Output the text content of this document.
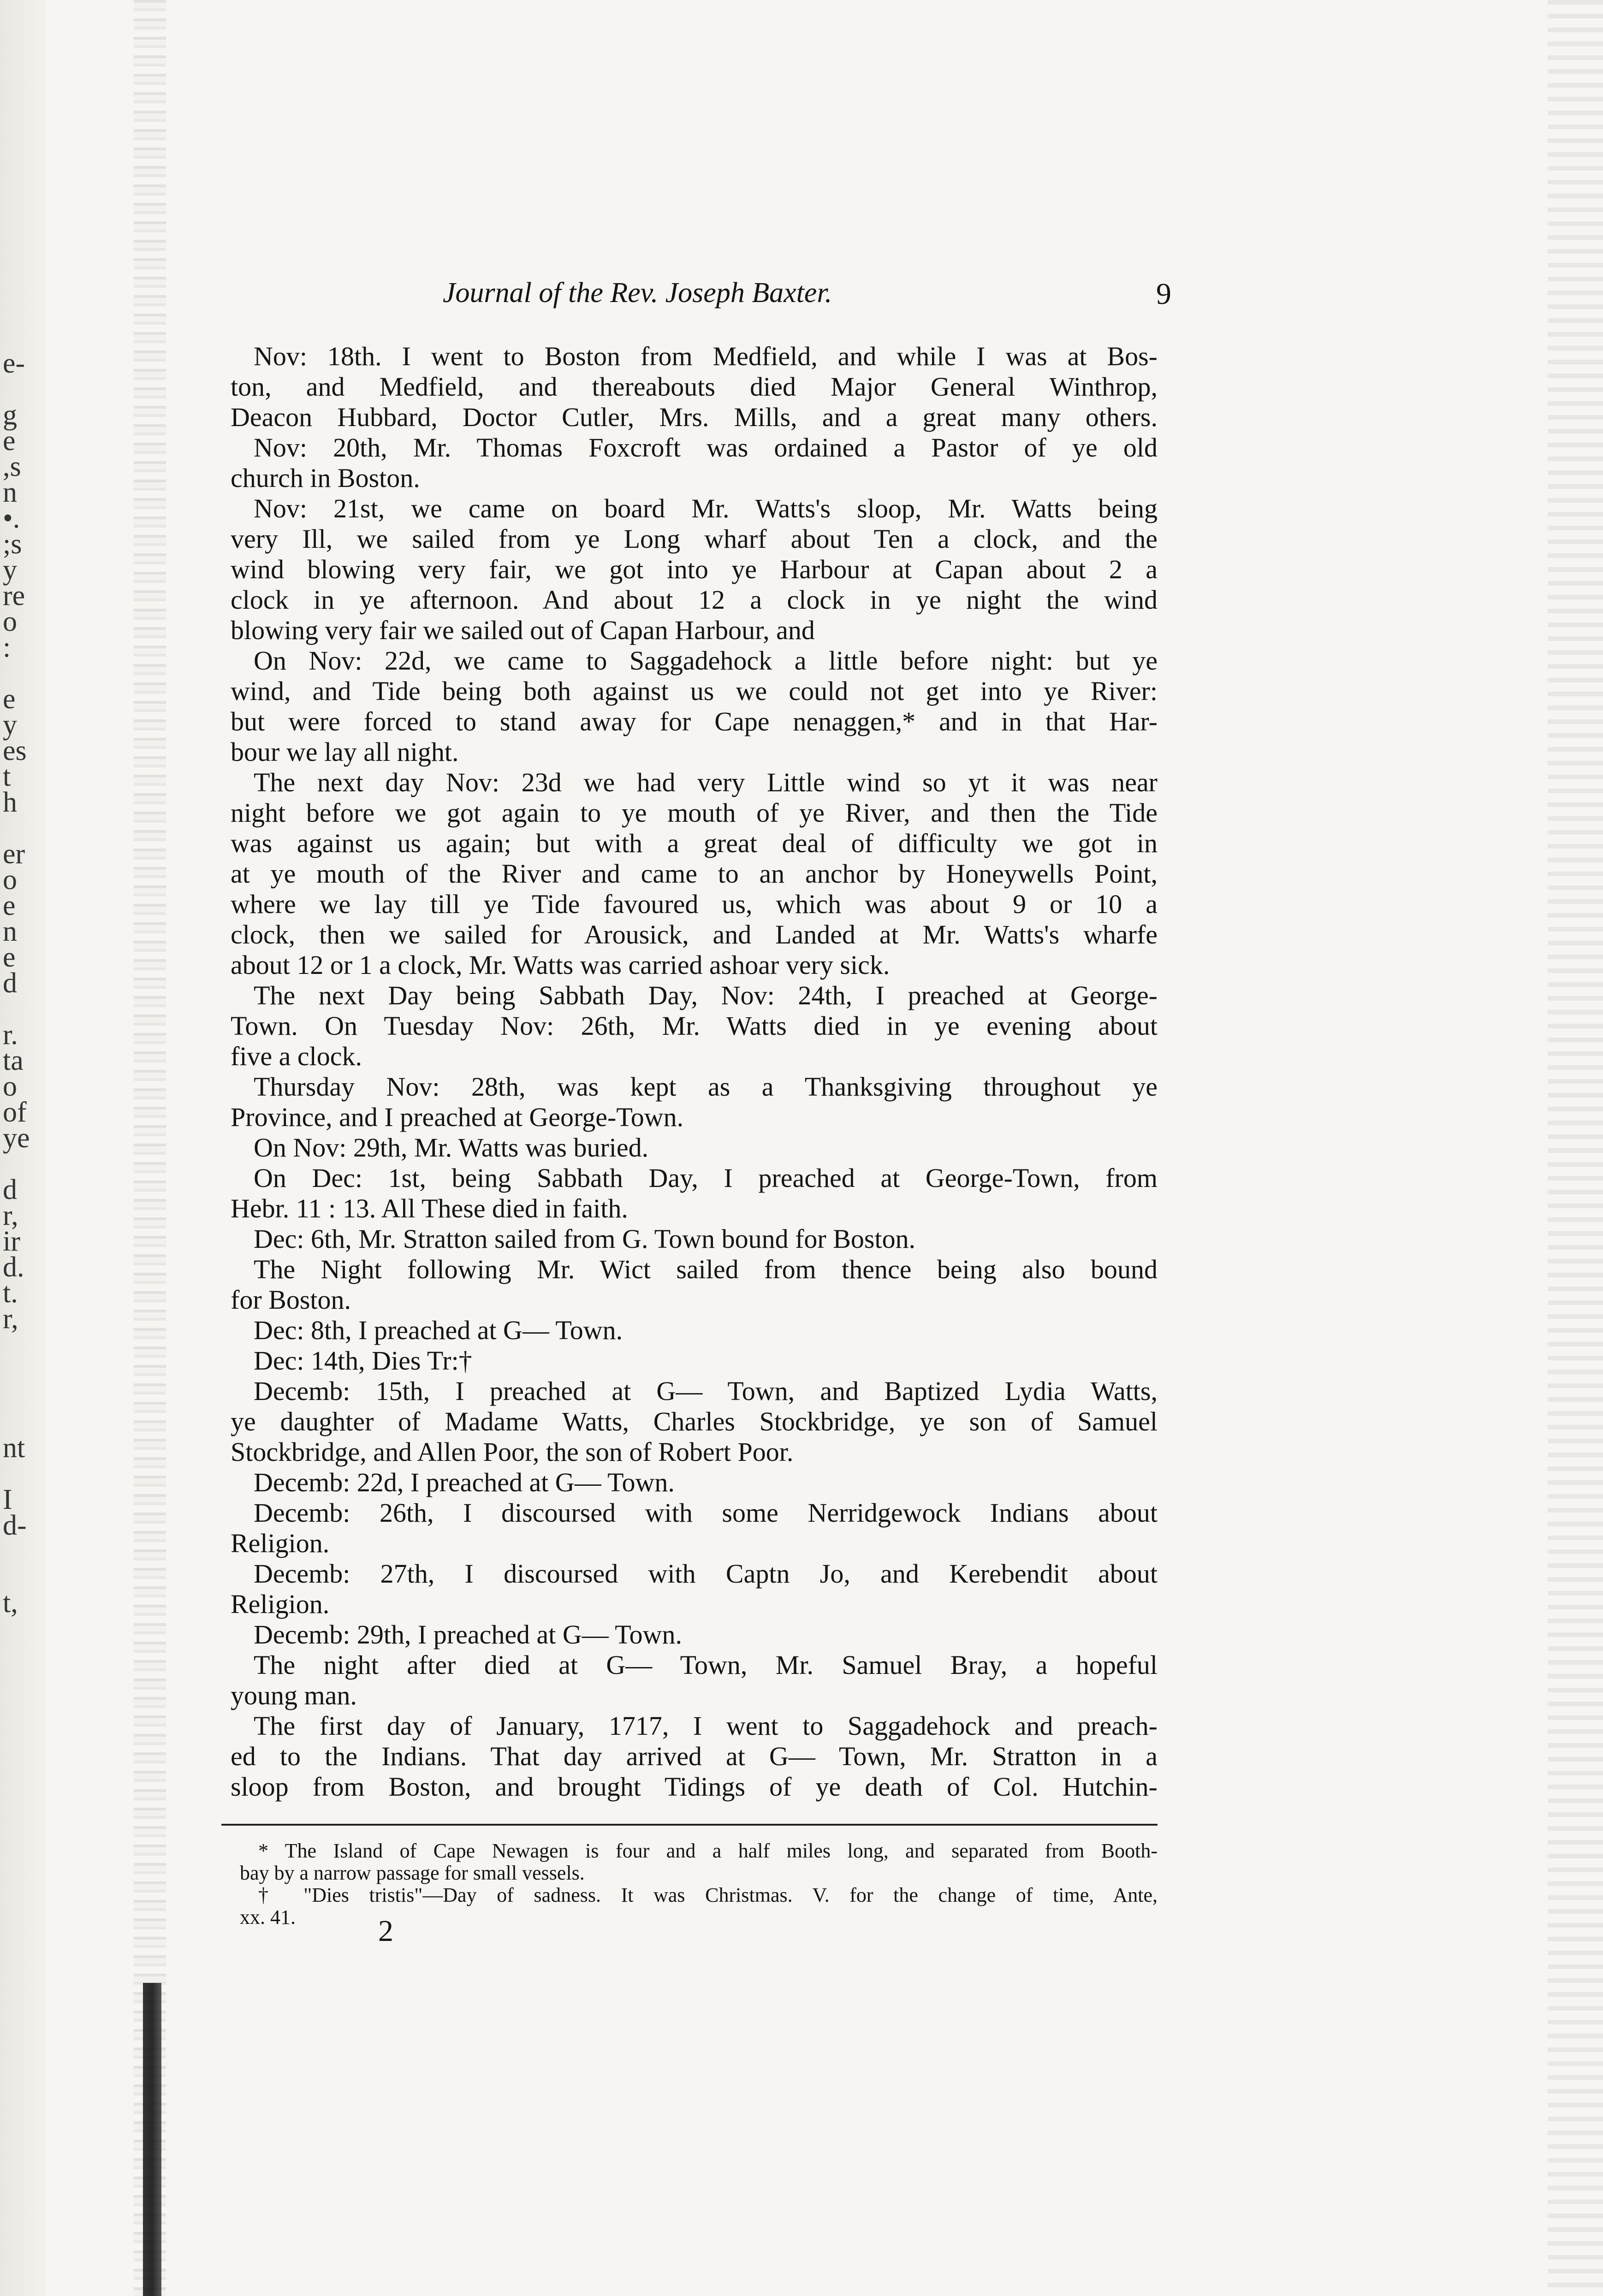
e-
g
e
,s
n
•.
;s
y
re
o
:
e
y
es
t
h
er
o
e
n
e
d
r.
ta
o
of
ye
d
r,
ir
d.
t.
r,
nt
I
d-
t,
Journal of the Rev. Joseph Baxter.	9
Nov: 18th. I went to Boston from Medfield, and while I was at Bos-
ton, and Medfield, and thereabouts died Major General Winthrop,
Deacon Hubbard, Doctor Cutler, Mrs. Mills, and a great many others.
Nov: 20th, Mr. Thomas Foxcroft was ordained a Pastor of ye old
church in Boston.
Nov: 21st, we came on board Mr. Watts's sloop, Mr. Watts being
very Ill, we sailed from ye Long wharf about Ten a clock, and the
wind blowing very fair, we got into ye Harbour at Capan about 2 a
clock in ye afternoon. And about 12 a clock in ye night the wind
blowing very fair we sailed out of Capan Harbour, and
On Nov: 22d, we came to Saggadehock a little before night: but ye
wind, and Tide being both against us we could not get into ye River:
but were forced to stand away for Cape nenaggen,* and in that Har-
bour we lay all night.
The next day Nov: 23d we had very Little wind so yt it was near
night before we got again to ye mouth of ye River, and then the Tide
was against us again; but with a great deal of difficulty we got in
at ye mouth of the River and came to an anchor by Honeywells Point,
where we lay till ye Tide favoured us, which was about 9 or 10 a
clock, then we sailed for Arousick, and Landed at Mr. Watts's wharfe
about 12 or 1 a clock, Mr. Watts was carried ashoar very sick.
The next Day being Sabbath Day, Nov: 24th, I preached at George-
Town. On Tuesday Nov: 26th, Mr. Watts died in ye evening about
five a clock.
Thursday Nov: 28th, was kept as a Thanksgiving throughout ye
Province, and I preached at George-Town.
On Nov: 29th, Mr. Watts was buried.
On Dec: 1st, being Sabbath Day, I preached at George-Town, from
Hebr. 11 : 13. All These died in faith.
Dec: 6th, Mr. Stratton sailed from G. Town bound for Boston.
The Night following Mr. Wict sailed from thence being also bound
for Boston.
Dec: 8th, I preached at G— Town.
Dec: 14th, Dies Tr:†
Decemb: 15th, I preached at G— Town, and Baptized Lydia Watts,
ye daughter of Madame Watts, Charles Stockbridge, ye son of Samuel
Stockbridge, and Allen Poor, the son of Robert Poor.
Decemb: 22d, I preached at G— Town.
Decemb: 26th, I discoursed with some Nerridgewock Indians about
Religion.
Decemb: 27th, I discoursed with Captn Jo, and Kerebendit about
Religion.
Decemb: 29th, I preached at G— Town.
The night after died at G— Town, Mr. Samuel Bray, a hopeful
young man.
The first day of January, 1717, I went to Saggadehock and preach-
ed to the Indians. That day arrived at G— Town, Mr. Stratton in a
sloop from Boston, and brought Tidings of ye death of Col. Hutchin-
* The Island of Cape Newagen is four and a half miles long, and separated from Booth-
bay by a narrow passage for small vessels.
† "Dies tristis"—Day of sadness. It was Christmas. V. for the change of time, Ante,
xx. 41.	2
